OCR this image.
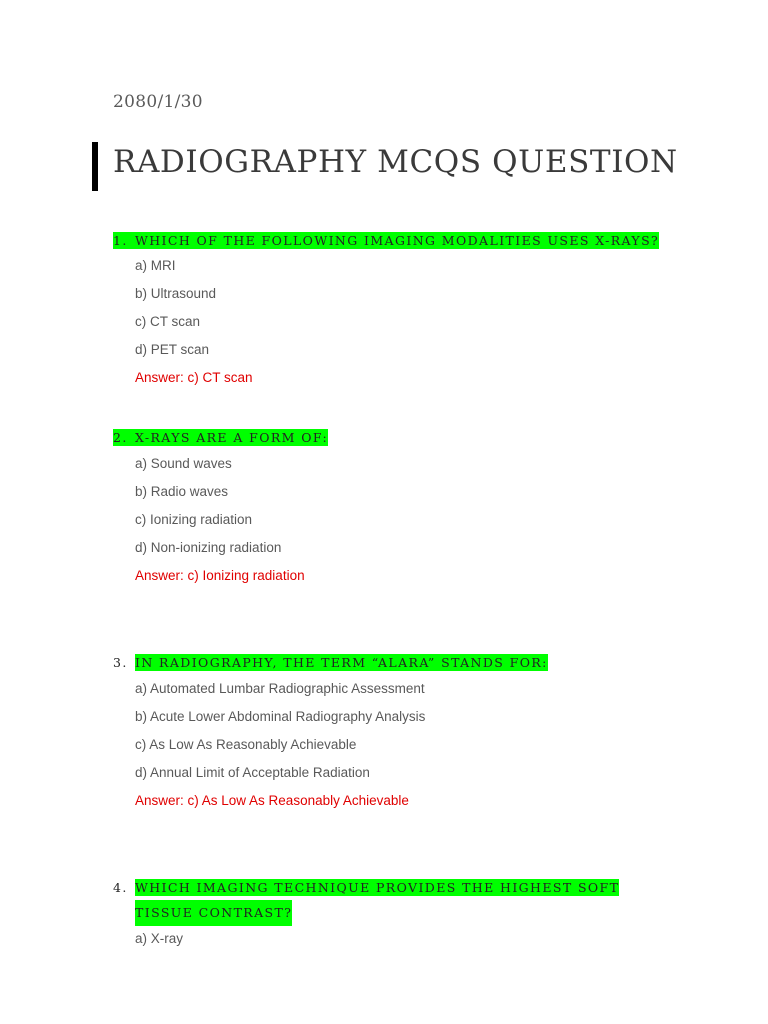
2080/1/30
RADIOGRAPHY MCQS QUESTION
1. WHICH OF THE FOLLOWING IMAGING MODALITIES USES X-RAYS?
a) MRI
b) Ultrasound
c) CT scan
d) PET scan
Answer: c) CT scan
2. X-RAYS ARE A FORM OF:
a) Sound waves
b) Radio waves
c) Ionizing radiation
d) Non-ionizing radiation
Answer: c) Ionizing radiation
3. IN RADIOGRAPHY, THE TERM “ALARA” STANDS FOR:
a) Automated Lumbar Radiographic Assessment
b) Acute Lower Abdominal Radiography Analysis
c) As Low As Reasonably Achievable
d) Annual Limit of Acceptable Radiation
Answer: c) As Low As Reasonably Achievable
4. WHICH IMAGING TECHNIQUE PROVIDES THE HIGHEST SOFT
TISSUE CONTRAST?
a) X-ray
